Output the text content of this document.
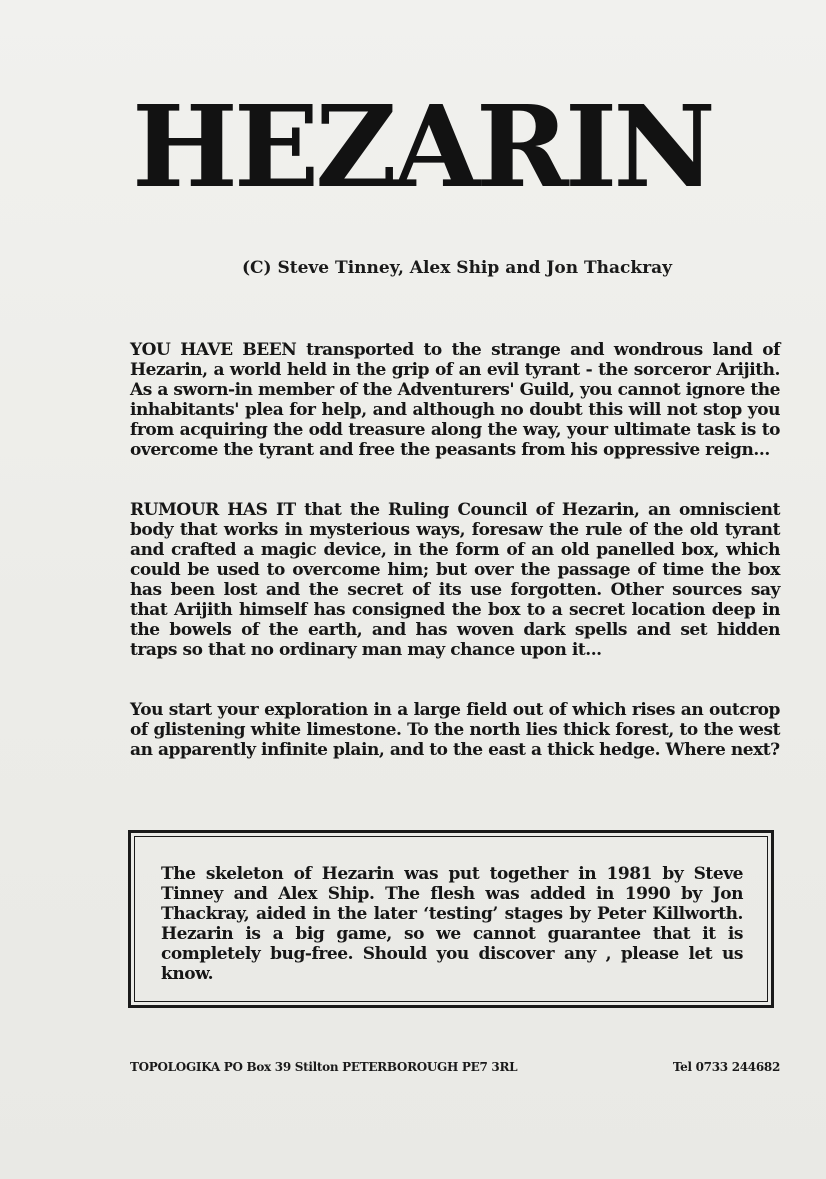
HEZARIN
(C) Steve Tinney, Alex Ship and Jon Thackray

YOU HAVE BEEN transported to the strange and wondrous land of Hezarin, a world held in the grip of an evil tyrant - the sorceror Arijith. As a sworn-in member of the Adventurers' Guild, you cannot ignore the inhabitants' plea for help, and although no doubt this will not stop you from acquiring the odd treasure along the way, your ultimate task is to overcome the tyrant and free the peasants from his oppressive reign...

RUMOUR HAS IT that the Ruling Council of Hezarin, an omniscient body that works in mysterious ways, foresaw the rule of the old tyrant and crafted a magic device, in the form of an old panelled box, which could be used to overcome him; but over the passage of time the box has been lost and the secret of its use forgotten. Other sources say that Arijith himself has consigned the box to a secret location deep in the bowels of the earth, and has woven dark spells and set hidden traps so that no ordinary man may chance upon it...

You start your exploration in a large field out of which rises an outcrop of glistening white limestone. To the north lies thick forest, to the west an apparently infinite plain, and to the east a thick hedge. Where next?

The skeleton of Hezarin was put together in 1981 by Steve Tinney and Alex Ship. The flesh was added in 1990 by Jon Thackray, aided in the later ‘testing’ stages by Peter Killworth. Hezarin is a big game, so we cannot guarantee that it is completely bug-free. Should you discover any , please let us know.

TOPOLOGIKA PO Box 39 Stilton PETERBOROUGH PE7 3RL	Tel 0733 244682
